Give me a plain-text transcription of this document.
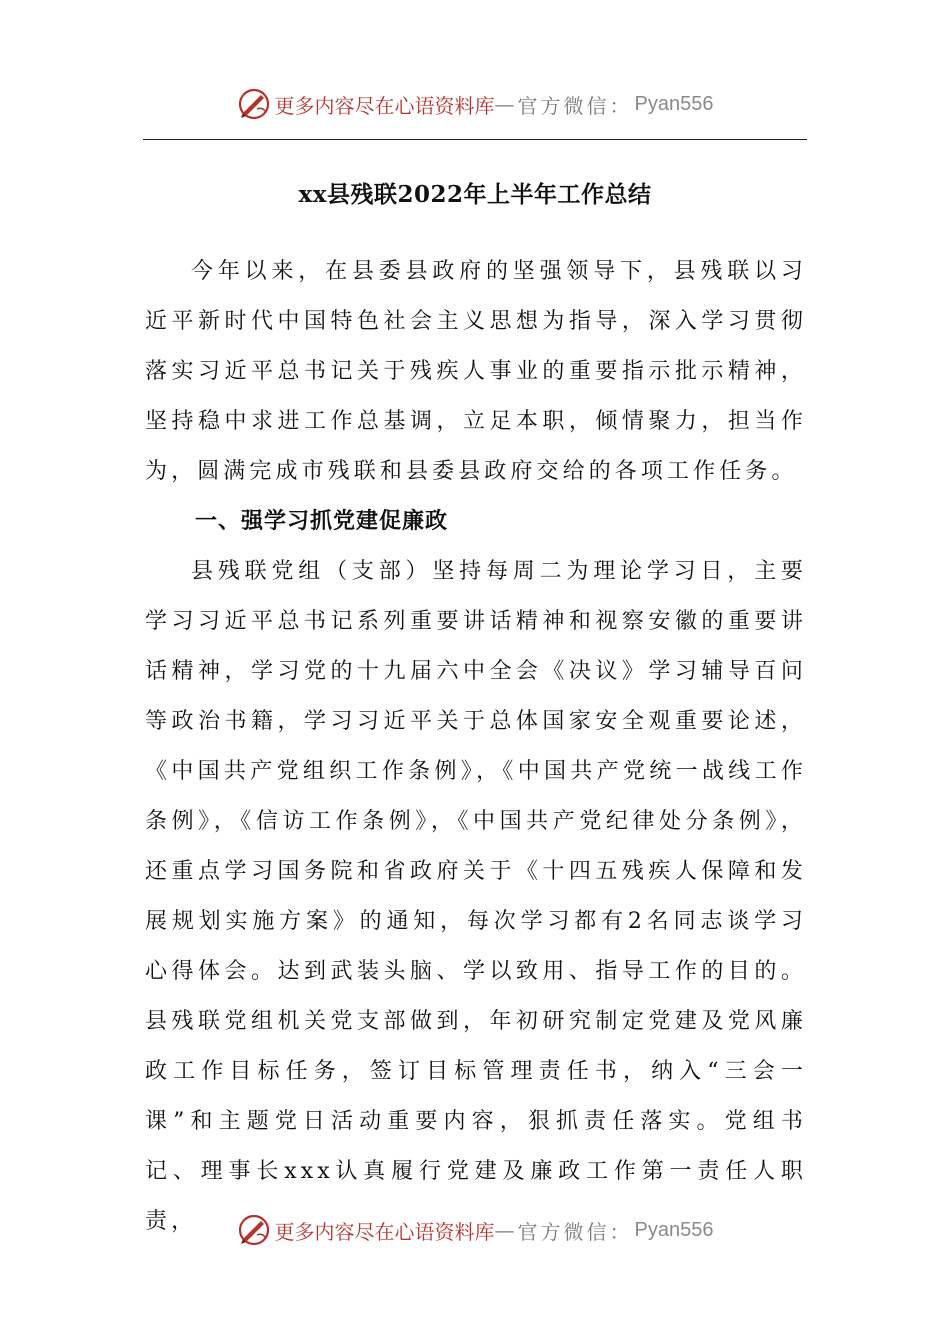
更多内容尽在心语资料库 — 官方微信： Pyan556
xx县残联2022年上半年工作总结

今年以来，在县委县政府的坚强领导下，县残联以习近平新时代中国特色社会主义思想为指导，深入学习贯彻落实习近平总书记关于残疾人事业的重要指示批示精神，坚持稳中求进工作总基调，立足本职，倾情聚力，担当作为，圆满完成市残联和县委县政府交给的各项工作任务。

一、强学习抓党建促廉政

县残联党组（支部）坚持每周二为理论学习日，主要学习习近平总书记系列重要讲话精神和视察安徽的重要讲话精神，学习党的十九届六中全会《决议》学习辅导百问等政治书籍，学习习近平关于总体国家安全观重要论述，《中国共产党组织工作条例》，《中国共产党统一战线工作条例》，《信访工作条例》，《中国共产党纪律处分条例》，还重点学习国务院和省政府关于《十四五残疾人保障和发展规划实施方案》的通知，每次学习都有2名同志谈学习心得体会。达到武装头脑、学以致用、指导工作的目的。县残联党组机关党支部做到，年初研究制定党建及党风廉政工作目标任务，签订目标管理责任书，纳入“三会一课”和主题党日活动重要内容，狠抓责任落实。党组书记、理事长xxx认真履行党建及廉政工作第一责任人职责，	更多内容尽在心语资料库 — 官方微信： Pyan556
